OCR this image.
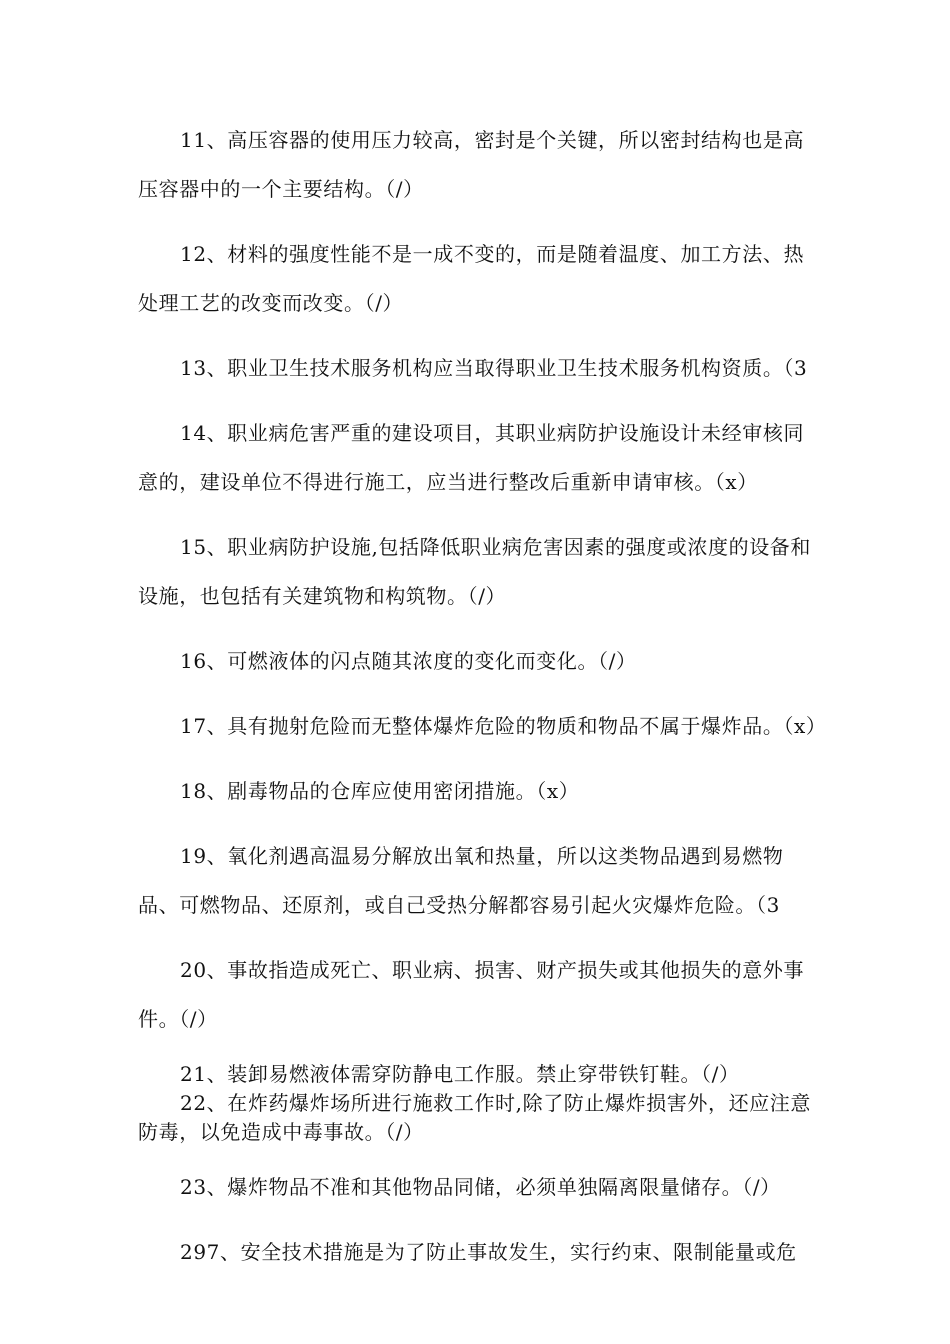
11、高压容器的使用压力较高，密封是个关键，所以密封结构也是高压容器中的一个主要结构。（/）

12、材料的强度性能不是一成不变的，而是随着温度、加工方法、热处理工艺的改变而改变。（/）

13、职业卫生技术服务机构应当取得职业卫生技术服务机构资质。（3

14、职业病危害严重的建设项目，其职业病防护设施设计未经审核同意的，建设单位不得进行施工，应当进行整改后重新申请审核。（x）

15、职业病防护设施,包括降低职业病危害因素的强度或浓度的设备和设施，也包括有关建筑物和构筑物。（/）

16、可燃液体的闪点随其浓度的变化而变化。（/）

17、具有抛射危险而无整体爆炸危险的物质和物品不属于爆炸品。（x）

18、剧毒物品的仓库应使用密闭措施。（x）

19、氧化剂遇高温易分解放出氧和热量，所以这类物品遇到易燃物品、可燃物品、还原剂，或自己受热分解都容易引起火灾爆炸危险。（3

20、事故指造成死亡、职业病、损害、财产损失或其他损失的意外事件。（/）

21、装卸易燃液体需穿防静电工作服。禁止穿带铁钉鞋。（/）

22、在炸药爆炸场所进行施救工作时,除了防止爆炸损害外，还应注意防毒，以免造成中毒事故。（/）

23、爆炸物品不准和其他物品同储，必须单独隔离限量储存。（/）

297、安全技术措施是为了防止事故发生，实行约束、限制能量或危
